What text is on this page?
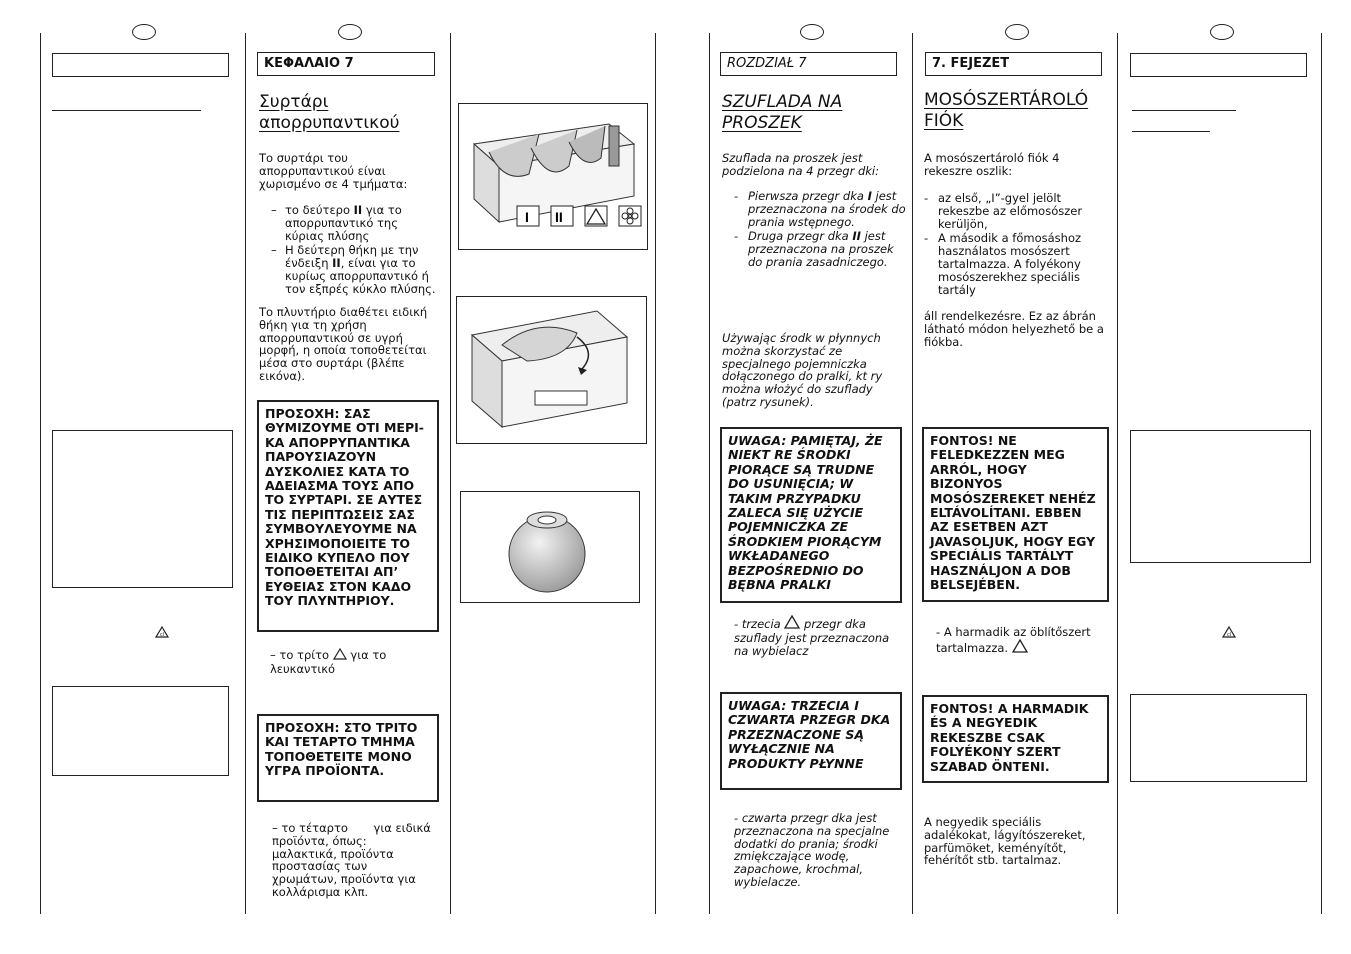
cl
ΚΕΦΑΛΑΙΟ 7
Συρτάρι
απορρυπαντικού
Το συρτάρι του απορρυπαντικού είναι χωρισμένο σε 4 τμήματα:
– το δεύτερο II για το απορρυπαντικό της κύριας πλύσης
– Η δεύτερη θήκη με την ένδειξη II, είναι για το κυρίως απορρυπαντικό ή τον εξπρές κύκλο πλύσης.
Το πλυντήριο διαθέτει ειδική θήκη για τη χρήση απορρυπαντικού σε υγρή μορφή, η οποία τοποθετείται μέσα στο συρτάρι (βλέπε εικόνα).
ΠΡΟΣΟΧΗ: ΣΑΣ ΘΥΜΙΖΟΥΜΕ ΟΤΙ ΜΕΡΙ-ΚΑ ΑΠΟΡΡΥΠΑΝΤΙΚΑ ΠΑΡΟΥΣΙΑΖΟΥΝ ΔΥΣΚΟΛΙΕΣ ΚΑΤΑ ΤΟ ΑΔΕΙΑΣΜΑ ΤΟΥΣ ΑΠΟ ΤΟ ΣΥΡΤΑΡΙ. ΣΕ ΑΥΤΕΣ ΤΙΣ ΠΕΡΙΠΤΩΣΕΙΣ ΣΑΣ ΣΥΜΒΟΥΛΕΥΟΥΜΕ ΝΑ ΧΡΗΣΙΜΟΠΟΙΕΙΤΕ ΤΟ ΕΙΔΙΚΟ ΚΥΠΕΛΟ ΠΟΥ ΤΟΠΟΘΕΤΕΙΤΑΙ ΑΠ’ ΕΥΘΕΙΑΣ ΣΤΟΝ ΚΑΔΟ ΤΟΥ ΠΛΥΝΤΗΡΙΟΥ.
– το τρίτο για το λευκαντικό
ΠΡΟΣΟΧΗ: ΣΤΟ ΤΡΙΤΟ ΚΑΙ ΤΕΤΑΡΤΟ ΤΜΗΜΑ ΤΟΠΟΘΕΤΕΙΤΕ ΜΟΝΟ ΥΓΡΑ ΠΡΟΪΟΝΤΑ.
– το τέταρτο για ειδικά προϊόντα, όπως: μαλακτικά, προϊόντα προστασίας των χρωμάτων, προϊόντα για κολλάρισμα κλπ.
I II
ROZDZIAŁ 7
SZUFLADA NA
PROSZEK
Szuflada na proszek jest podzielona na 4 przegr dki:
- Pierwsza przegr dka I jest przeznaczona na środek do prania wstępnego.
- Druga przegr dka II jest przeznaczona na proszek do prania zasadniczego.
Używając środk w płynnych można skorzystać ze specjalnego pojemniczka dołączonego do pralki, kt ry można włożyć do szuflady (patrz rysunek).
UWAGA: PAMIĘTAJ, ŻE NIEKT RE ŚRODKI PIORĄCE SĄ TRUDNE DO USUNIĘCIA; W TAKIM PRZYPADKU ZALECA SIĘ UŻYCIE POJEMNICZKA ZE ŚRODKIEM PIORĄCYM WKŁADANEGO BEZPOŚREDNIO DO BĘBNA PRALKI
- trzecia przegr dka szuflady jest przeznaczona na wybielacz
UWAGA: TRZECIA I CZWARTA PRZEGR DKA PRZEZNACZONE SĄ WYŁĄCZNIE NA PRODUKTY PŁYNNE
- czwarta przegr dka jest przeznaczona na specjalne dodatki do prania; środki zmiękczające wodę, zapachowe, krochmal, wybielacze.
7. FEJEZET
MOSÓSZERTÁROLÓ
FIÓK
A mosószertároló fiók 4 rekeszre oszlik:
- az első, „I”-gyel jelölt rekeszbe az előmosószer kerüljön,
- A második a főmosáshoz használatos mosószert tartalmazza. A folyékony mosószerekhez speciális tartály
áll rendelkezésre. Ez az ábrán látható módon helyezhető be a fiókba.
FONTOS! NE FELEDKEZZEN MEG ARRÓL, HOGY BIZONYOS MOSÓSZEREKET NEHÉZ ELTÁVOLÍTANI. EBBEN AZ ESETBEN AZT JAVASOLJUK, HOGY EGY SPECIÁLIS TARTÁLYT HASZNÁLJON A DOB BELSEJÉBEN.
- A harmadik az öblítőszert tartalmazza.
FONTOS! A HARMADIK ÉS A NEGYEDIK REKESZBE CSAK FOLYÉKONY SZERT SZABAD ÖNTENI.
A negyedik speciális adalékokat, lágyítószereket, parfümöket, keményítőt, fehérítőt stb. tartalmaz.
cl
